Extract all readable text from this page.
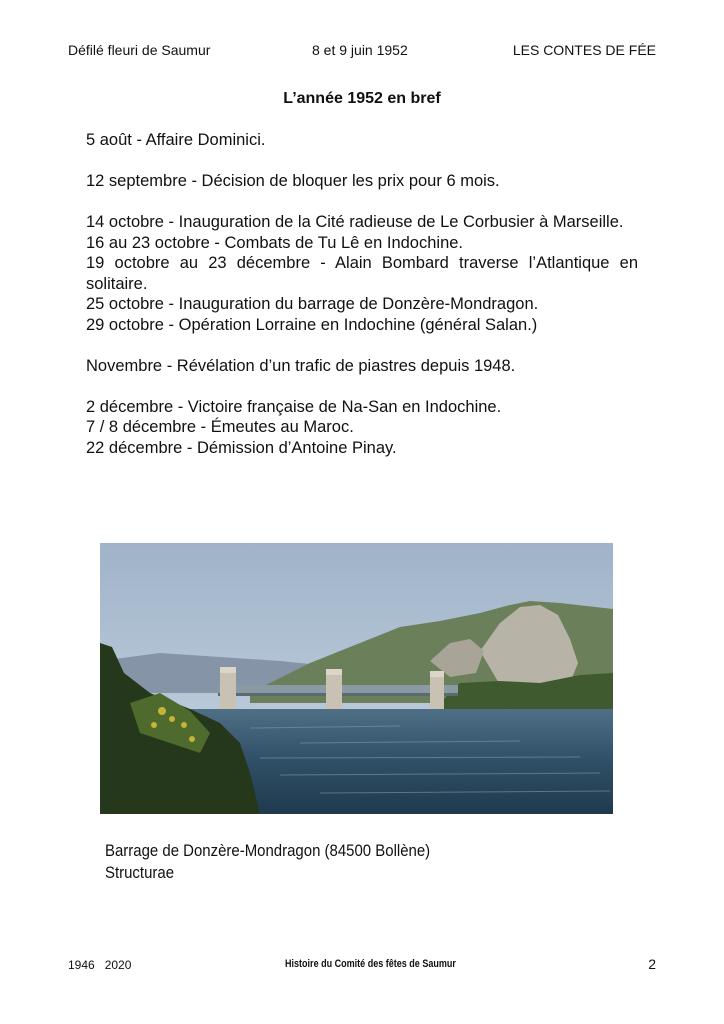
Défilé fleuri de Saumur	8 et 9 juin 1952	LES CONTES DE FÉE
L’année 1952 en bref
5 août - Affaire Dominici.
12 septembre - Décision de bloquer les prix pour 6 mois.
14 octobre - Inauguration de la Cité radieuse de Le Corbusier à Marseille.
16 au 23 octobre - Combats de Tu Lê en Indochine.
19 octobre au 23 décembre - Alain Bombard traverse l’Atlantique en solitaire.
25 octobre - Inauguration du barrage de Donzère-Mondragon.
29 octobre - Opération Lorraine en Indochine (général Salan.)
Novembre - Révélation d’un trafic de piastres depuis 1948.
2 décembre - Victoire française de Na-San en Indochine.
7 / 8 décembre - Émeutes au Maroc.
22 décembre - Démission d’Antoine Pinay.
Barrage de Donzère-Mondragon (84500 Bollène)
Structurae
1946   2020	Histoire du Comité des fêtes de Saumur	2
